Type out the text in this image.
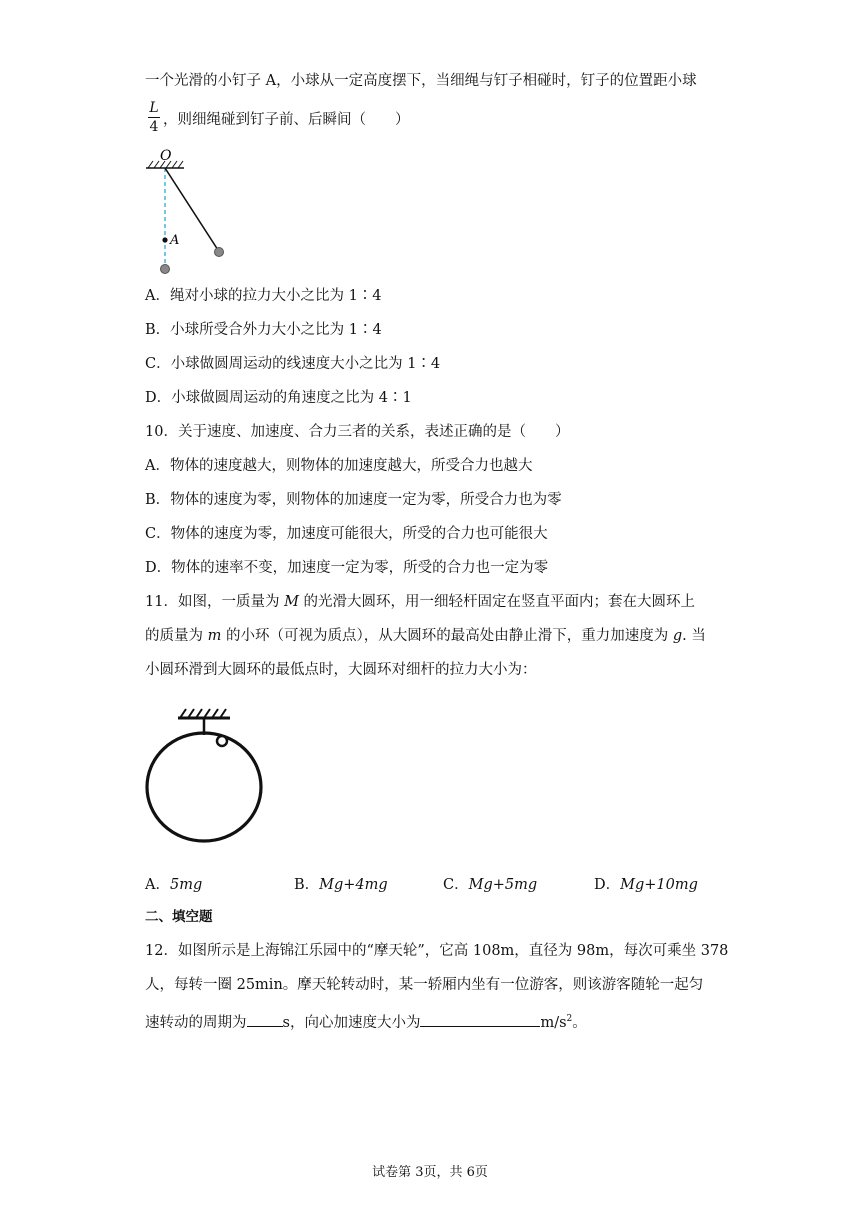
一个光滑的小钉子 A，小球从一定高度摆下，当细绳与钉子相碰时，钉子的位置距小球
L
4 ，则细绳碰到钉子前、后瞬间（　　）
O
A
A．绳对小球的拉力大小之比为 1∶4
B．小球所受合外力大小之比为 1∶4
C．小球做圆周运动的线速度大小之比为 1∶4
D．小球做圆周运动的角速度之比为 4∶1
10．关于速度、加速度、合力三者的关系，表述正确的是（　　）
A．物体的速度越大，则物体的加速度越大，所受合力也越大
B．物体的速度为零，则物体的加速度一定为零，所受合力也为零
C．物体的速度为零，加速度可能很大，所受的合力也可能很大
D．物体的速率不变，加速度一定为零，所受的合力也一定为零
11．如图，一质量为 M 的光滑大圆环，用一细轻杆固定在竖直平面内；套在大圆环上
的质量为 m 的小环（可视为质点），从大圆环的最高处由静止滑下，重力加速度为 g. 当
小圆环滑到大圆环的最低点时，大圆环对细杆的拉力大小为：
A．5mg	B．Mg+4mg	C．Mg+5mg	D．Mg+10mg
二、填空题
12．如图所示是上海锦江乐园中的“摩天轮”，它高 108m，直径为 98m，每次可乘坐 378
人，每转一圈 25min。摩天轮转动时，某一轿厢内坐有一位游客，则该游客随轮一起匀
速转动的周期为 s，向心加速度大小为	$m/s^2$。
试卷第 3页，共 6页
